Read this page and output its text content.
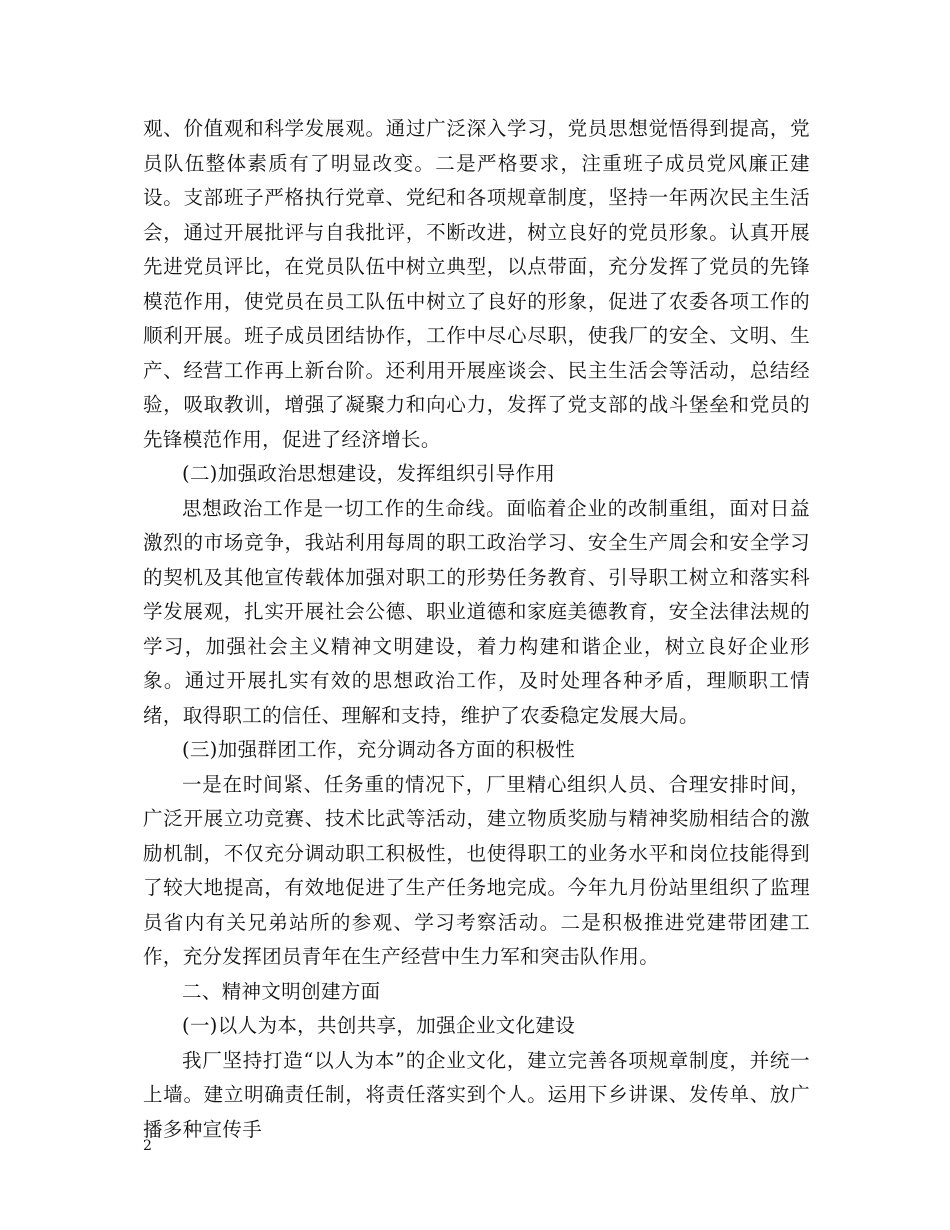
观、价值观和科学发展观。通过广泛深入学习，党员思想觉悟得到提高，党员队伍整体素质有了明显改变。二是严格要求，注重班子成员党风廉正建设。支部班子严格执行党章、党纪和各项规章制度，坚持一年两次民主生活会，通过开展批评与自我批评，不断改进，树立良好的党员形象。认真开展先进党员评比，在党员队伍中树立典型，以点带面，充分发挥了党员的先锋模范作用，使党员在员工队伍中树立了良好的形象，促进了农委各项工作的顺利开展。班子成员团结协作，工作中尽心尽职，使我厂的安全、文明、生产、经营工作再上新台阶。还利用开展座谈会、民主生活会等活动，总结经验，吸取教训，增强了凝聚力和向心力，发挥了党支部的战斗堡垒和党员的先锋模范作用，促进了经济增长。

(二)加强政治思想建设，发挥组织引导作用

思想政治工作是一切工作的生命线。面临着企业的改制重组，面对日益激烈的市场竞争，我站利用每周的职工政治学习、安全生产周会和安全学习的契机及其他宣传载体加强对职工的形势任务教育、引导职工树立和落实科学发展观，扎实开展社会公德、职业道德和家庭美德教育，安全法律法规的学习，加强社会主义精神文明建设，着力构建和谐企业，树立良好企业形象。通过开展扎实有效的思想政治工作，及时处理各种矛盾，理顺职工情绪，取得职工的信任、理解和支持，维护了农委稳定发展大局。

(三)加强群团工作，充分调动各方面的积极性

一是在时间紧、任务重的情况下，厂里精心组织人员、合理安排时间，广泛开展立功竞赛、技术比武等活动，建立物质奖励与精神奖励相结合的激励机制，不仅充分调动职工积极性，也使得职工的业务水平和岗位技能得到了较大地提高，有效地促进了生产任务地完成。今年九月份站里组织了监理员省内有关兄弟站所的参观、学习考察活动。二是积极推进党建带团建工作，充分发挥团员青年在生产经营中生力军和突击队作用。

二、精神文明创建方面

(一)以人为本，共创共享，加强企业文化建设

我厂坚持打造“以人为本”的企业文化，建立完善各项规章制度，并统一上墙。建立明确责任制，将责任落实到个人。运用下乡讲课、发传单、放广播多种宣传手

2
